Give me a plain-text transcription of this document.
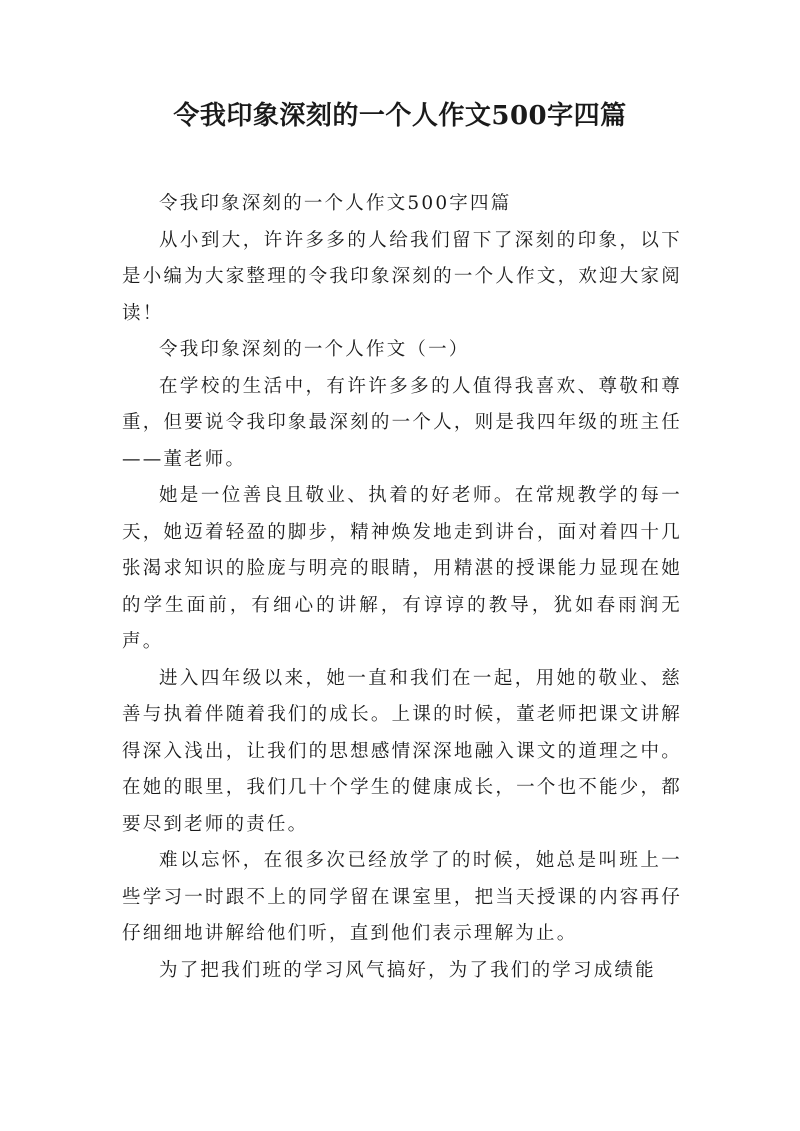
令我印象深刻的一个人作文500字四篇

令我印象深刻的一个人作文500字四篇

从小到大，许许多多的人给我们留下了深刻的印象，以下是小编为大家整理的令我印象深刻的一个人作文，欢迎大家阅读！

令我印象深刻的一个人作文（一）

在学校的生活中，有许许多多的人值得我喜欢、尊敬和尊重，但要说令我印象最深刻的一个人，则是我四年级的班主任——董老师。

她是一位善良且敬业、执着的好老师。在常规教学的每一天，她迈着轻盈的脚步，精神焕发地走到讲台，面对着四十几张渴求知识的脸庞与明亮的眼睛，用精湛的授课能力显现在她的学生面前，有细心的讲解，有谆谆的教导，犹如春雨润无声。

进入四年级以来，她一直和我们在一起，用她的敬业、慈善与执着伴随着我们的成长。上课的时候，董老师把课文讲解得深入浅出，让我们的思想感情深深地融入课文的道理之中。在她的眼里，我们几十个学生的健康成长，一个也不能少，都要尽到老师的责任。

难以忘怀，在很多次已经放学了的时候，她总是叫班上一些学习一时跟不上的同学留在课室里，把当天授课的内容再仔仔细细地讲解给他们听，直到他们表示理解为止。

为了把我们班的学习风气搞好，为了我们的学习成绩能
